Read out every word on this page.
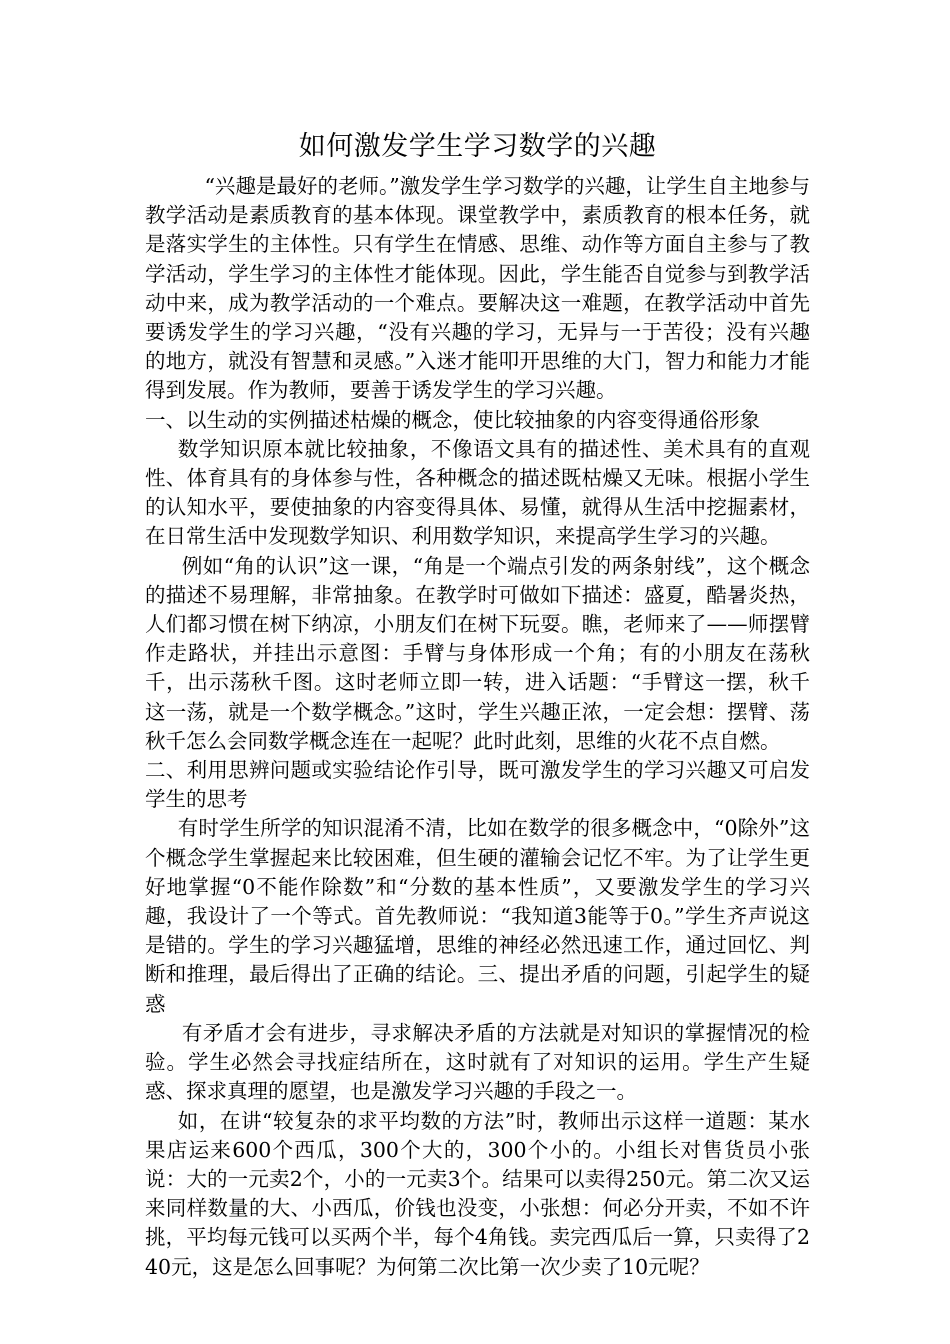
如何激发学生学习数学的兴趣

“兴趣是最好的老师。”激发学生学习数学的兴趣，让学生自主地参与教学活动是素质教育的基本体现。课堂教学中，素质教育的根本任务，就是落实学生的主体性。只有学生在情感、思维、动作等方面自主参与了教学活动，学生学习的主体性才能体现。因此，学生能否自觉参与到教学活动中来，成为教学活动的一个难点。要解决这一难题，在教学活动中首先要诱发学生的学习兴趣，“没有兴趣的学习，无异与一于苦役；没有兴趣的地方，就没有智慧和灵感。”入迷才能叩开思维的大门，智力和能力才能得到发展。作为教师，要善于诱发学生的学习兴趣。

一、以生动的实例描述枯燥的概念，使比较抽象的内容变得通俗形象

数学知识原本就比较抽象，不像语文具有的描述性、美术具有的直观性、体育具有的身体参与性，各种概念的描述既枯燥又无味。根据小学生的认知水平，要使抽象的内容变得具体、易懂，就得从生活中挖掘素材，在日常生活中发现数学知识、利用数学知识，来提高学生学习的兴趣。

例如“角的认识”这一课，“角是一个端点引发的两条射线”，这个概念的描述不易理解，非常抽象。在教学时可做如下描述：盛夏，酷暑炎热，人们都习惯在树下纳凉，小朋友们在树下玩耍。瞧，老师来了——师摆臂作走路状，并挂出示意图：手臂与身体形成一个角；有的小朋友在荡秋千，出示荡秋千图。这时老师立即一转，进入话题：“手臂这一摆，秋千这一荡，就是一个数学概念。”这时，学生兴趣正浓，一定会想：摆臂、荡秋千怎么会同数学概念连在一起呢？此时此刻，思维的火花不点自燃。

二、利用思辨问题或实验结论作引导，既可激发学生的学习兴趣又可启发学生的思考

有时学生所学的知识混淆不清，比如在数学的很多概念中，“0除外”这个概念学生掌握起来比较困难，但生硬的灌输会记忆不牢。为了让学生更好地掌握“0不能作除数”和“分数的基本性质”，又要激发学生的学习兴趣，我设计了一个等式。首先教师说：“我知道3能等于0。”学生齐声说这是错的。学生的学习兴趣猛增，思维的神经必然迅速工作，通过回忆、判断和推理，最后得出了正确的结论。三、提出矛盾的问题，引起学生的疑惑

有矛盾才会有进步，寻求解决矛盾的方法就是对知识的掌握情况的检验。学生必然会寻找症结所在，这时就有了对知识的运用。学生产生疑惑、探求真理的愿望，也是激发学习兴趣的手段之一。

如，在讲“较复杂的求平均数的方法”时，教师出示这样一道题：某水果店运来600个西瓜，300个大的，300个小的。小组长对售货员小张说：大的一元卖2个，小的一元卖3个。结果可以卖得250元。第二次又运来同样数量的大、小西瓜，价钱也没变，小张想：何必分开卖，不如不许挑，平均每元钱可以买两个半，每个4角钱。卖完西瓜后一算，只卖得了240元，这是怎么回事呢？为何第二次比第一次少卖了10元呢？
